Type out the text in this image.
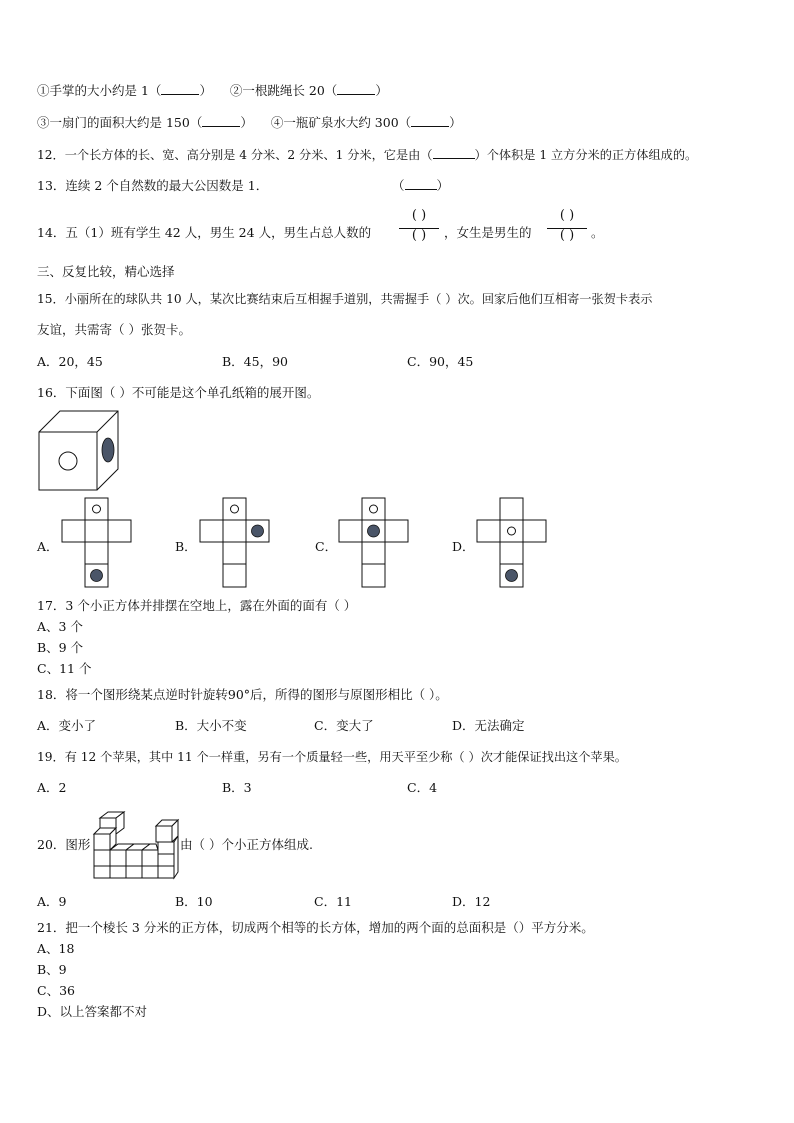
①手掌的大小约是 1（	） ②一根跳绳长 20（	）
③一扇门的面积大约是 150（	） ④一瓶矿泉水大约 300（	）
12．一个长方体的长、宽、高分别是 4 分米、2 分米、1 分米，它是由（	）个体积是 1 立方分米的正方体组成的。
13．连续 2 个自然数的最大公因数是 1．	（	）
14．五（1）班有学生 42 人，男生 24 人，男生占总人数的
( )
( )	，女生是男生的
( )
( )	。
三、反复比较，精心选择
15．小丽所在的球队共 10 人，某次比赛结束后互相握手道别，共需握手（ ）次。回家后他们互相寄一张贺卡表示
友谊，共需寄（ ）张贺卡。
A．20，45	B．45，90	C．90，45
16．下面图（ ）不可能是这个单孔纸箱的展开图。
A．	B．	C．	D．
17．3 个小正方体并排摆在空地上，露在外面的面有（ ）
A、3 个
B、9 个
C、11 个
18．将一个图形绕某点逆时针旋转90°后，所得的图形与原图形相比（ ）。
A．变小了	B．大小不变	C．变大了	D．无法确定
19．有 12 个苹果，其中 11 个一样重，另有一个质量轻一些，用天平至少称（ ）次才能保证找出这个苹果。
A．2	B．3	C．4
20．图形	由（ ）个小正方体组成.
A．9	B．10	C．11	D．12
21．把一个棱长 3 分米的正方体，切成两个相等的长方体，增加的两个面的总面积是（）平方分米。
A、18
B、9
C、36
D、以上答案都不对
